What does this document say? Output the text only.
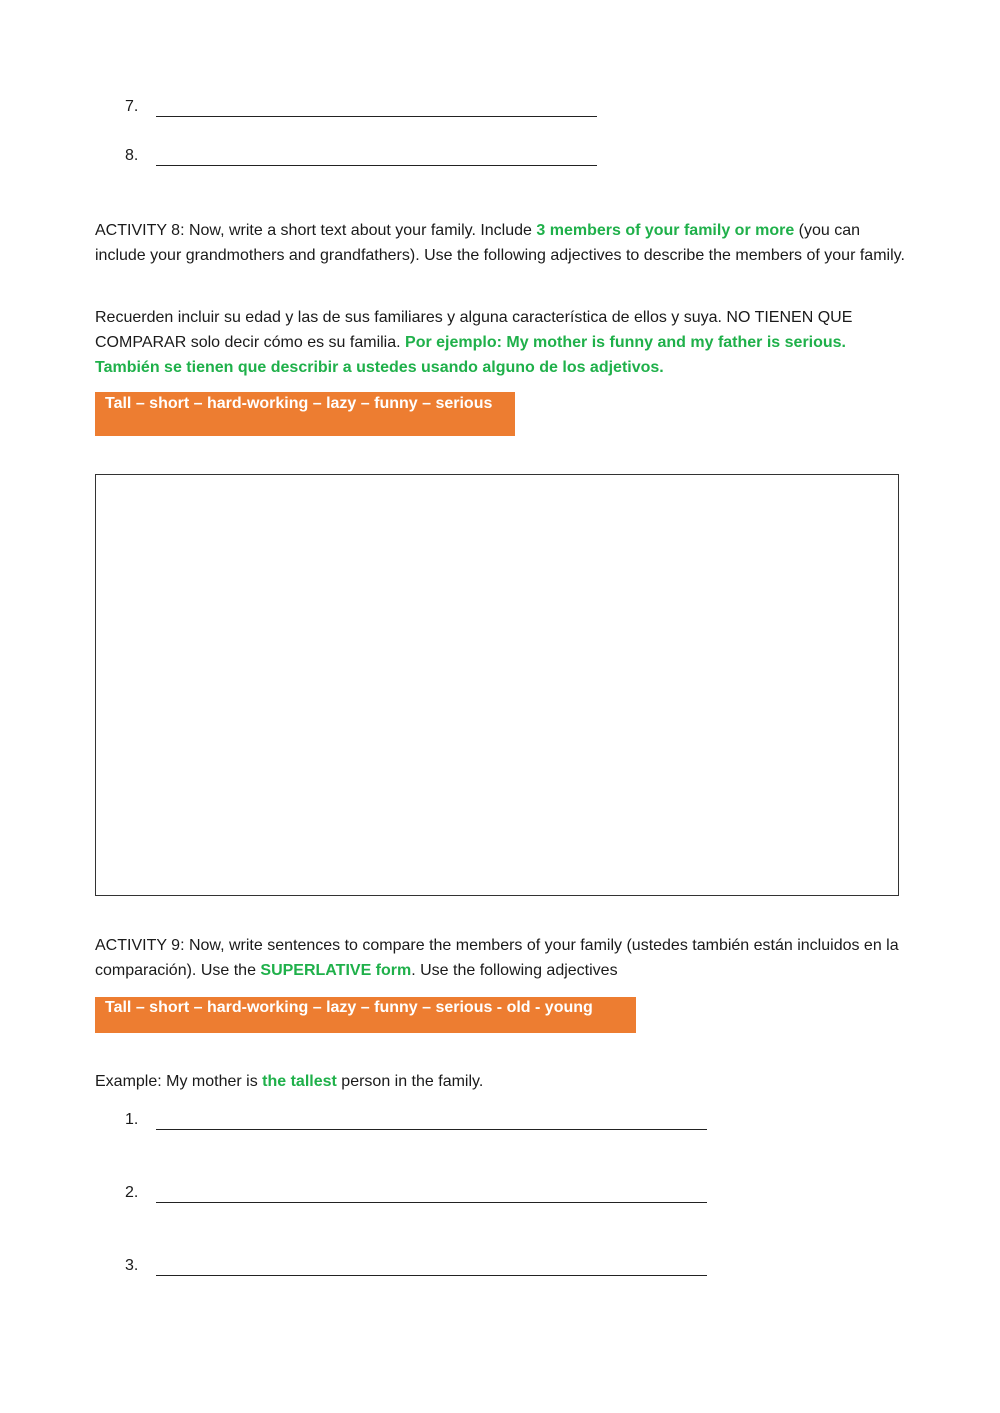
7.
8.
ACTIVITY 8: Now, write a short text about your family. Include 3 members of your family or more (you can include your grandmothers and grandfathers). Use the following adjectives to describe the members of your family.
Recuerden incluir su edad y las de sus familiares y alguna característica de ellos y suya. NO TIENEN QUE COMPARAR solo decir cómo es su familia. Por ejemplo: My mother is funny and my father is serious. También se tienen que describir a ustedes usando alguno de los adjetivos.
Tall – short – hard-working – lazy – funny – serious
ACTIVITY 9: Now, write sentences to compare the members of your family (ustedes también están incluidos en la comparación). Use the SUPERLATIVE form. Use the following adjectives
Tall – short – hard-working – lazy – funny – serious - old - young
Example: My mother is the tallest person in the family.
1.
2.
3.
